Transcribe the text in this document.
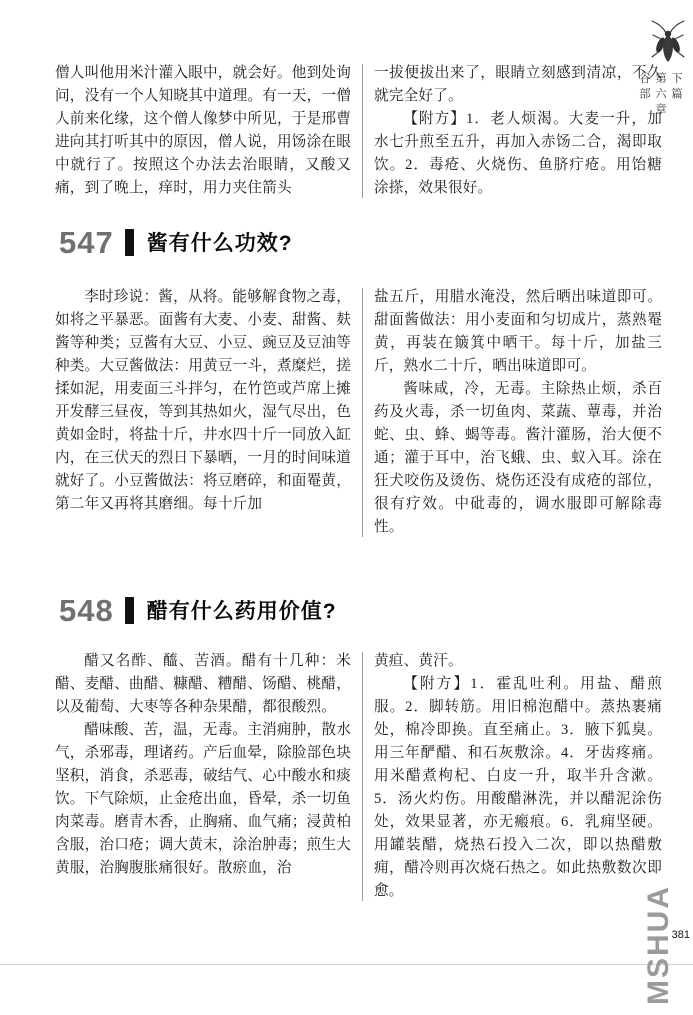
僧人叫他用米汁灌入眼中，就会好。他到处询问，没有一个人知晓其中道理。有一天，一僧人前来化缘，这个僧人像梦中所见，于是邢曹进向其打听其中的原因，僧人说，用饧涂在眼中就行了。按照这个办法去治眼睛，又酸又痛，到了晚上，痒时，用力夹住箭头

一拔便拔出来了，眼睛立刻感到清凉，不久就完全好了。

【附方】1．老人烦渴。大麦一升，加水七升煎至五升，再加入赤饧二合，渴即取饮。2．毒疮、火烧伤、鱼脐疔疮。用饴糖涂搽，效果很好。

547 酱有什么功效?

李时珍说：酱，从将。能够解食物之毒，如将之平暴恶。面酱有大麦、小麦、甜酱、麸酱等种类；豆酱有大豆、小豆、豌豆及豆油等种类。大豆酱做法：用黄豆一斗，煮糜烂，搓揉如泥，用麦面三斗拌匀，在竹笆或芦席上摊开发酵三昼夜，等到其热如火，湿气尽出，色黄如金时，将盐十斤，井水四十斤一同放入缸内，在三伏天的烈日下暴晒，一月的时间味道就好了。小豆酱做法：将豆磨碎，和面罨黄，第二年又再将其磨细。每十斤加

盐五斤，用腊水淹没，然后晒出味道即可。甜面酱做法：用小麦面和匀切成片，蒸熟罨黄，再装在簸箕中晒干。每十斤，加盐三斤，熟水二十斤，晒出味道即可。

酱味咸，冷，无毒。主除热止烦，杀百药及火毒，杀一切鱼肉、菜蔬、蕈毒，并治蛇、虫、蜂、蝎等毒。酱汁灌肠，治大便不通；灌于耳中，治飞蛾、虫、蚁入耳。涂在狂犬咬伤及烫伤、烧伤还没有成疮的部位，很有疗效。中砒毒的，调水服即可解除毒性。

548 醋有什么药用价值?

醋又名酢、醯、苦酒。醋有十几种：米醋、麦醋、曲醋、糠醋、糟醋、饧醋、桃醋，以及葡萄、大枣等各种杂果醋，都很酸烈。

醋味酸、苦，温，无毒。主消痈肿，散水气，杀邪毒，理诸药。产后血晕，除脸部色块坚积，消食，杀恶毒，破结气、心中酸水和痰饮。下气除烦，止金疮出血，昏晕，杀一切鱼肉菜毒。磨青木香，止胸痛、血气痛；浸黄柏含服，治口疮；调大黄末，涂治肿毒；煎生大黄服，治胸腹胀痛很好。散瘀血，治

黄疸、黄汗。

【附方】1．霍乱吐利。用盐、醋煎服。2．脚转筋。用旧棉泡醋中。蒸热裹痛处，棉冷即换。直至痛止。3．腋下狐臭。用三年酽醋、和石灰敷涂。4．牙齿疼痛。用米醋煮枸杞、白皮一升，取半升含漱。5．汤火灼伤。用酸醋淋洗，并以醋泥涂伤处，效果显著，亦无瘢痕。6．乳痈坚硬。用罐装醋，烧热石投入二次，即以热醋敷痈，醋冷则再次烧石热之。如此热敷数次即愈。

下篇
第六章
谷部
MSHUA
381
